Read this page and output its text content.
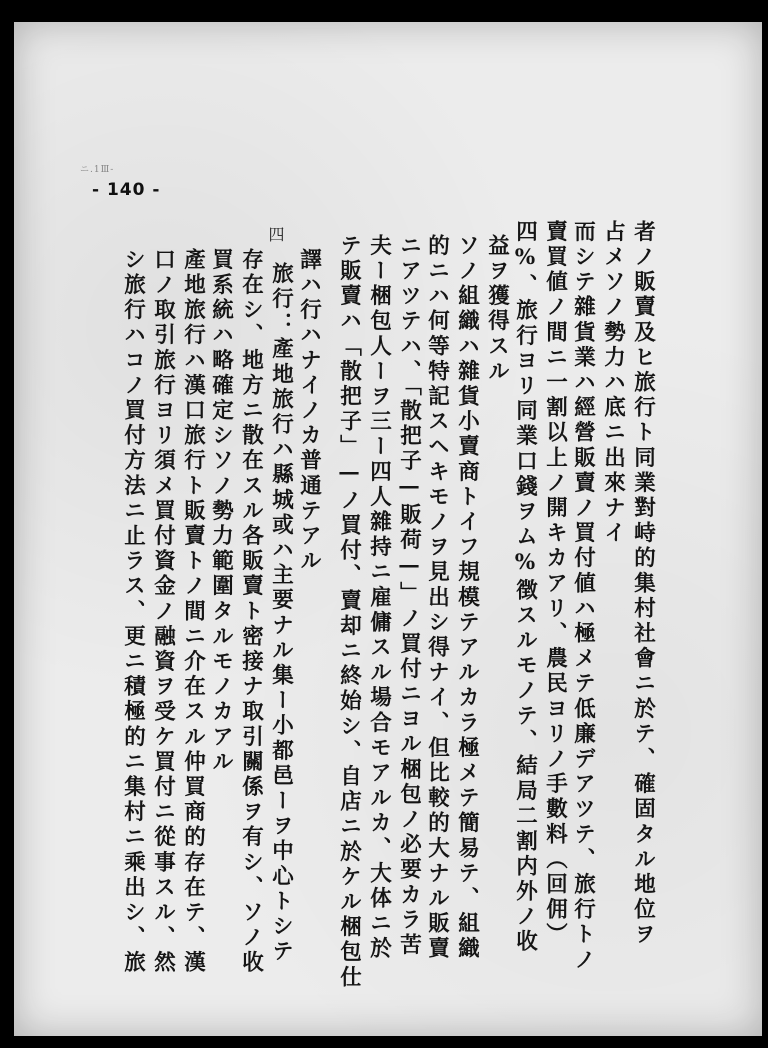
ニ.1Ⅲ-
- 140 -
四	者ノ販賣及ヒ旅行ト同業對峙的集村社會ニ於テ、確固タル地位ヲ
占メソノ勢力ハ底ニ出來ナイ
而シテ雜貨業ハ經營販賣ノ買付値ハ極メテ低廉デアツテ、旅行トノ
賣買値ノ間ニ一割以上ノ開キカアリ、農民ヨリノ手數料（回佣）
四%、旅行ヨリ同業口錢ヲム%徴スルモノテ、結局二割内外ノ收
益ヲ獲得スル
ソノ組織ハ雜貨小賣商トイフ規模テアルカラ極メテ簡易テ、組織
的ニハ何等特記スヘキモノヲ見出シ得ナイ、但比較的大ナル販賣
ニアツテハ、「散把子—販荷—」ノ買付ニヨル梱包ノ必要カラ苦
夫ー梱包人ーヲ三ー四人雜持ニ雇傭スル場合モアルカ、大体ニ於
テ販賣ハ「散把子」—ノ買付、賣却ニ終始シ、自店ニ於ケル梱包仕
譯ハ行ハナイノカ普通テアル
旅行：產地旅行ハ縣城或ハ主要ナル集ー小都邑ーヲ中心トシテ
存在シ、地方ニ散在スル各販賣ト密接ナ取引關係ヲ有シ、ソノ收
買系統ハ略確定シソノ勢力範圍タルモノカアル
產地旅行ハ漢口旅行ト販賣トノ間ニ介在スル仲買商的存在テ、漢
口ノ取引旅行ヨリ須メ買付資金ノ融資ヲ受ケ買付ニ從事スル、然
シ旅行ハコノ買付方法ニ止ラス、更ニ積極的ニ集村ニ乘出シ、旅
